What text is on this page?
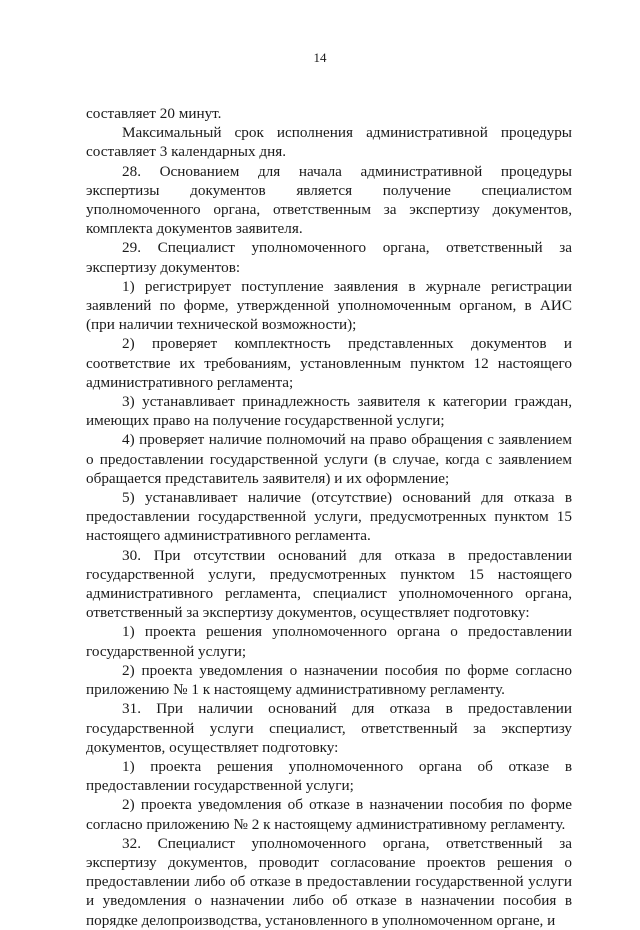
14

составляет 20 минут.

Максимальный срок исполнения административной процедуры составляет 3 календарных дня.

28. Основанием для начала административной процедуры экспертизы документов является получение специалистом уполномоченного органа, ответственным за экспертизу документов, комплекта документов заявителя.

29. Специалист уполномоченного органа, ответственный за экспертизу документов:

1) регистрирует поступление заявления в журнале регистрации заявлений по форме, утвержденной уполномоченным органом, в АИС (при наличии технической возможности);

2) проверяет комплектность представленных документов и соответствие их требованиям, установленным пунктом 12 настоящего административного регламента;

3) устанавливает принадлежность заявителя к категории граждан, имеющих право на получение государственной услуги;

4) проверяет наличие полномочий на право обращения с заявлением о предоставлении государственной услуги (в случае, когда с заявлением обращается представитель заявителя) и их оформление;

5) устанавливает наличие (отсутствие) оснований для отказа в предоставлении государственной услуги, предусмотренных пунктом 15 настоящего административного регламента.

30. При отсутствии оснований для отказа в предоставлении государственной услуги, предусмотренных пунктом 15 настоящего административного регламента, специалист уполномоченного органа, ответственный за экспертизу документов, осуществляет подготовку:

1) проекта решения уполномоченного органа о предоставлении государственной услуги;

2) проекта уведомления о назначении пособия по форме согласно приложению № 1 к настоящему административному регламенту.

31. При наличии оснований для отказа в предоставлении государственной услуги специалист, ответственный за экспертизу документов, осуществляет подготовку:

1) проекта решения уполномоченного органа об отказе в предоставлении государственной услуги;

2) проекта уведомления об отказе в назначении пособия по форме согласно приложению № 2 к настоящему административному регламенту.

32. Специалист уполномоченного органа, ответственный за экспертизу документов, проводит согласование проектов решения о предоставлении либо об отказе в предоставлении государственной услуги и уведомления о назначении либо об отказе в назначении пособия в порядке делопроизводства, установленного в уполномоченном органе, и
